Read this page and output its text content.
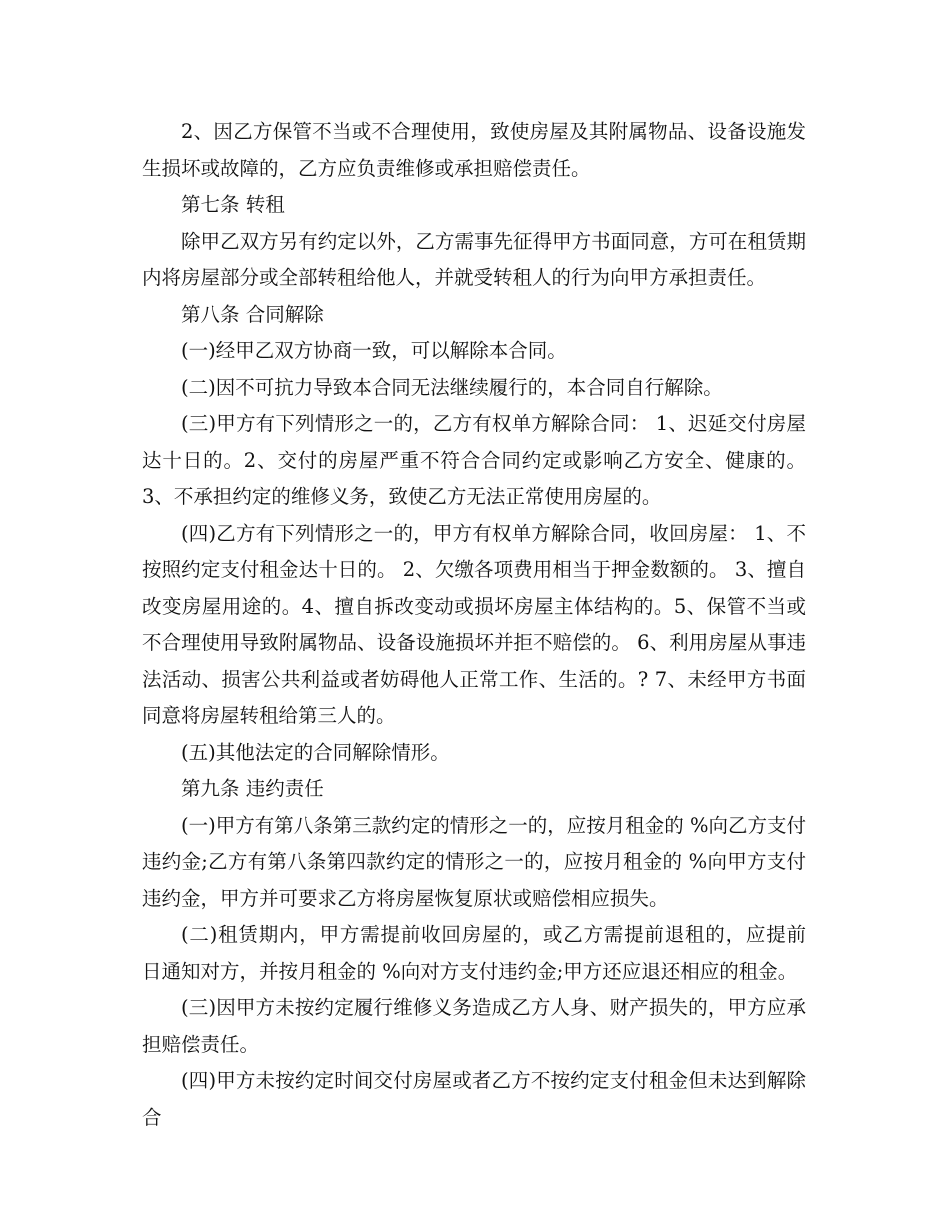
2、因乙方保管不当或不合理使用，致使房屋及其附属物品、设备设施发生损坏或故障的，乙方应负责维修或承担赔偿责任。

第七条 转租

除甲乙双方另有约定以外，乙方需事先征得甲方书面同意，方可在租赁期内将房屋部分或全部转租给他人，并就受转租人的行为向甲方承担责任。

第八条 合同解除

(一)经甲乙双方协商一致，可以解除本合同。

(二)因不可抗力导致本合同无法继续履行的，本合同自行解除。

(三)甲方有下列情形之一的，乙方有权单方解除合同： 1、迟延交付房屋达十日的。2、交付的房屋严重不符合合同约定或影响乙方安全、健康的。 3、不承担约定的维修义务，致使乙方无法正常使用房屋的。

(四)乙方有下列情形之一的，甲方有权单方解除合同，收回房屋： 1、不按照约定支付租金达十日的。 2、欠缴各项费用相当于押金数额的。 3、擅自改变房屋用途的。4、擅自拆改变动或损坏房屋主体结构的。5、保管不当或不合理使用导致附属物品、设备设施损坏并拒不赔偿的。 6、利用房屋从事违法活动、损害公共利益或者妨碍他人正常工作、生活的。? 7、未经甲方书面同意将房屋转租给第三人的。

(五)其他法定的合同解除情形。

第九条 违约责任

(一)甲方有第八条第三款约定的情形之一的，应按月租金的 %向乙方支付违约金;乙方有第八条第四款约定的情形之一的，应按月租金的 %向甲方支付违约金，甲方并可要求乙方将房屋恢复原状或赔偿相应损失。

(二)租赁期内，甲方需提前收回房屋的，或乙方需提前退租的，应提前 日通知对方，并按月租金的 %向对方支付违约金;甲方还应退还相应的租金。

(三)因甲方未按约定履行维修义务造成乙方人身、财产损失的，甲方应承担赔偿责任。

(四)甲方未按约定时间交付房屋或者乙方不按约定支付租金但未达到解除合
